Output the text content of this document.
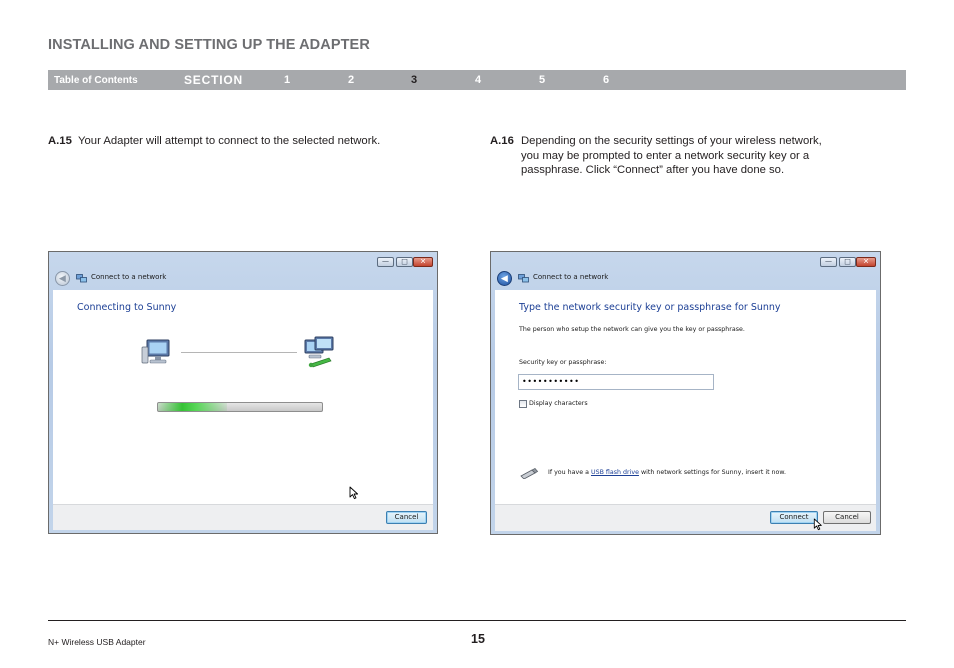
INSTALLING AND SETTING UP THE ADAPTER
Table of Contents	SECTION	1	2	3	4	5	6
A.15 Your Adapter will attempt to connect to the selected network.	A.16 Depending on the security settings of your wireless network,
you may be prompted to enter a network security key or a
passphrase. Click “Connect” after you have done so.
— □ ✕
◀	Connect to a network
Connecting to Sunny
Cancel
— □ ✕
◀	Connect to a network
Type the network security key or passphrase for Sunny
The person who setup the network can give you the key or passphrase.
Security key or passphrase:
•••••••••••
Display characters
If you have a USB flash drive with network settings for Sunny, insert it now.
Connect	Cancel
N+ Wireless USB Adapter	15
